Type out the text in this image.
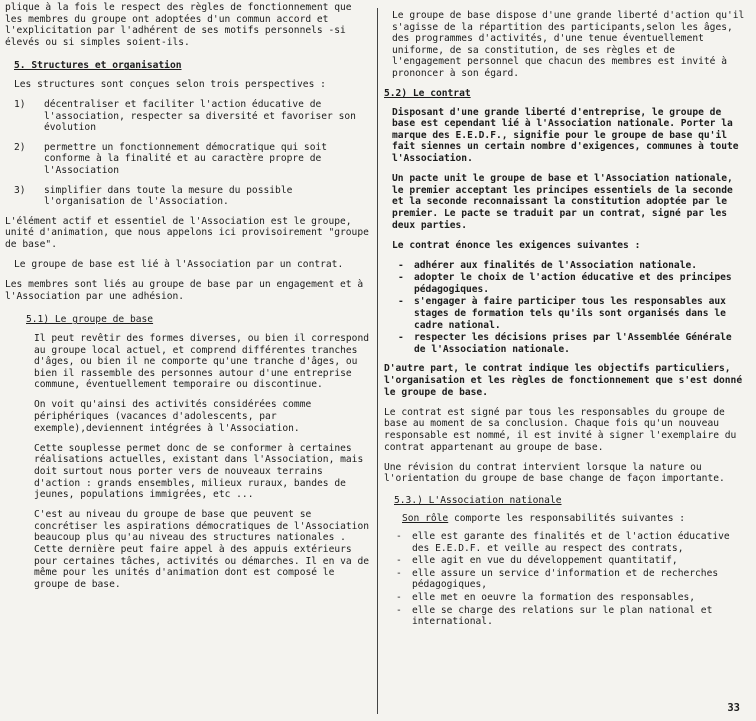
plique à la fois le respect des règles de fonctionnement que les membres du groupe ont adoptées d'un commun accord et l'explicitation par l'adhérent de ses motifs personnels -si élevés ou si simples soient-ils.

5. Structures et organisation

Les structures sont conçues selon trois perspectives :

1)	décentraliser et faciliter l'action éducative de l'association, respecter sa diversité et favoriser son évolution
2)	permettre un fonctionnement démocratique qui soit conforme à la finalité et au caractère propre de l'Association
3)	simplifier dans toute la mesure du possible l'organisation de l'Association.

L'élément actif et essentiel de l'Association est le groupe, unité d'animation, que nous appelons ici provisoirement "groupe de base".

Le groupe de base est lié à l'Association par un contrat.

Les membres sont liés au groupe de base par un engagement et à l'Association par une adhésion.

5.1) Le groupe de base

Il peut revêtir des formes diverses, ou bien il correspond au groupe local actuel, et comprend différentes tranches d'âges, ou bien il ne comporte qu'une tranche d'âges, ou bien il rassemble des personnes autour d'une entreprise commune, éventuellement temporaire ou discontinue.

On voit qu'ainsi des activités considérées comme périphériques (vacances d'adolescents, par exemple),deviennent intégrées à l'Association.

Cette souplesse permet donc de se conformer à certaines réalisations actuelles, existant dans l'Association, mais doit surtout nous porter vers de nouveaux terrains d'action : grands ensembles, milieux ruraux, bandes de jeunes, populations immigrées, etc ...

C'est au niveau du groupe de base que peuvent se concrétiser les aspirations démocratiques de l'Association beaucoup plus qu'au niveau des structures nationales . Cette dernière peut faire appel à des appuis extérieurs pour certaines tâches, activités ou démarches. Il en va de même pour les unités d'animation dont est composé le groupe de base.

Le groupe de base dispose d'une grande liberté d'action qu'il s'agisse de la répartition des participants,selon les âges, des programmes d'activités, d'une tenue éventuellement uniforme, de sa constitution, de ses règles et de l'engagement personnel que chacun des membres est invité à prononcer à son égard.

5.2) Le contrat

Disposant d'une grande liberté d'entreprise, le groupe de base est cependant lié à l'Association nationale. Porter la marque des E.E.D.F., signifie pour le groupe de base qu'il fait siennes un certain nombre d'exigences, communes à toute l'Association.

Un pacte unit le groupe de base et l'Association nationale, le premier acceptant les principes essentiels de la seconde et la seconde reconnaissant la constitution adoptée par le premier. Le pacte se traduit par un contrat, signé par les deux parties.

Le contrat énonce les exigences suivantes :

-	adhérer aux finalités de l'Association nationale.
-	adopter le choix de l'action éducative et des principes pédagogiques.
-	s'engager à faire participer tous les responsables aux stages de formation tels qu'ils sont organisés dans le cadre national.
-	respecter les décisions prises par l'Assemblée Générale de l'Association nationale.

D'autre part, le contrat indique les objectifs particuliers, l'organisation et les règles de fonctionnement que s'est donné le groupe de base.

Le contrat est signé par tous les responsables du groupe de base au moment de sa conclusion. Chaque fois qu'un nouveau responsable est nommé, il est invité à signer l'exemplaire du contrat appartenant au groupe de base.

Une révision du contrat intervient lorsque la nature ou l'orientation du groupe de base change de façon importante.

5.3.) L'Association nationale

Son rôle comporte les responsabilités suivantes :

-	elle est garante des finalités et de l'action éducative des E.E.D.F. et veille au respect des contrats,
-	elle agit en vue du développement quantitatif,
-	elle assure un service d'information et de recherches pédagogiques,
-	elle met en oeuvre la formation des responsables,
-	elle se charge des relations sur le plan national et international.
33
